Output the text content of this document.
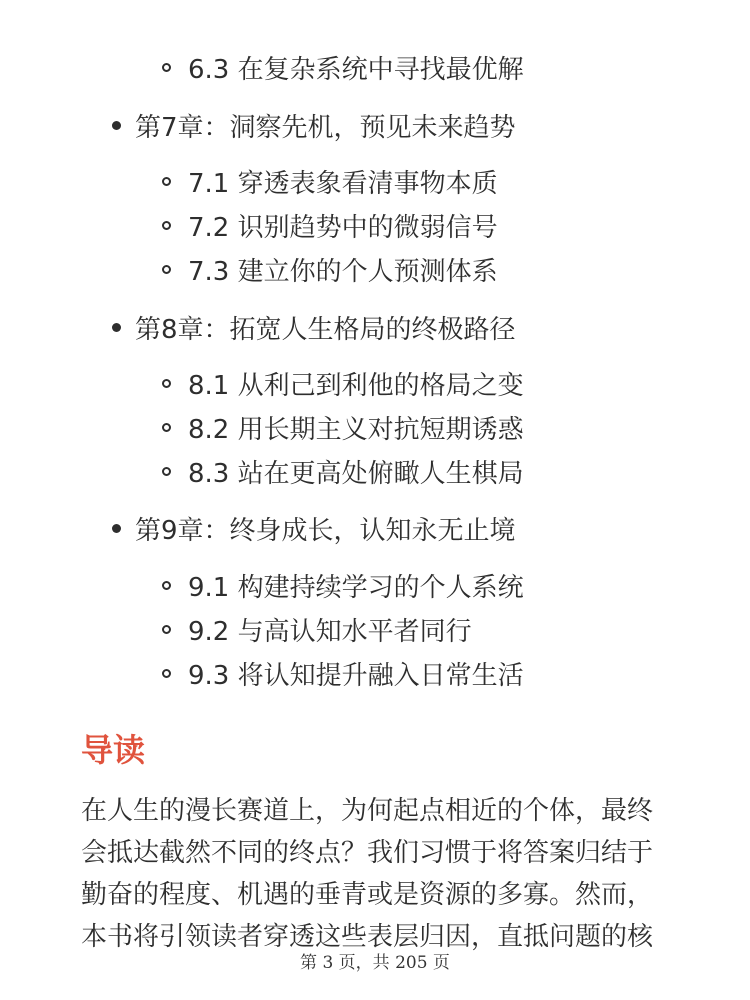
6.3 在复杂系统中寻找最优解
第7章：洞察先机，预见未来趋势
7.1 穿透表象看清事物本质
7.2 识别趋势中的微弱信号
7.3 建立你的个人预测体系
第8章：拓宽人生格局的终极路径
8.1 从利己到利他的格局之变
8.2 用长期主义对抗短期诱惑
8.3 站在更高处俯瞰人生棋局
第9章：终身成长，认知永无止境
9.1 构建持续学习的个人系统
9.2 与高认知水平者同行
9.3 将认知提升融入日常生活
导读
在人生的漫长赛道上，为何起点相近的个体，最终
会抵达截然不同的终点？我们习惯于将答案归结于
勤奋的程度、机遇的垂青或是资源的多寡。然而，
本书将引领读者穿透这些表层归因，直抵问题的核
第 3 页，共 205 页
